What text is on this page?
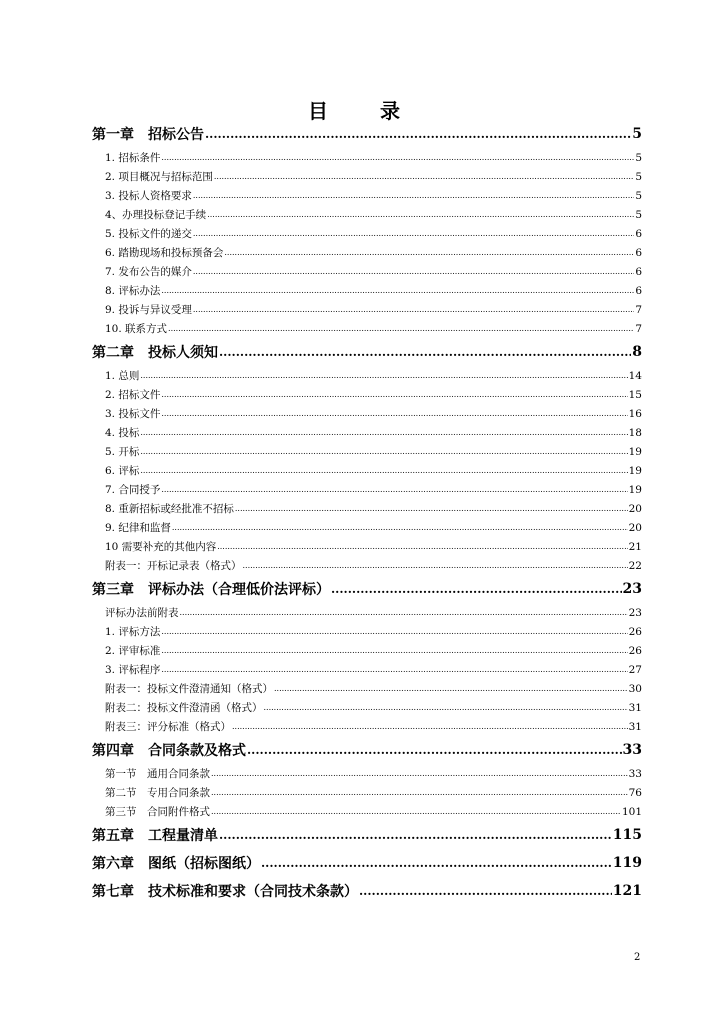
目　录
第一章　招标公告 .....	5
1. 招标条件 .....	5
2. 项目概况与招标范围 .....	5
3. 投标人资格要求 .....	5
4、办理投标登记手续 .....	5
5. 投标文件的递交 .....	6
6. 踏勘现场和投标预备会 .....	6
7. 发布公告的媒介 .....	6
8. 评标办法 .....	6
9. 投诉与异议受理 .....	7
10. 联系方式 .....	7
第二章　投标人须知 .....	8
1. 总则 .....	14
2. 招标文件 .....	15
3. 投标文件 .....	16
4. 投标 .....	18
5. 开标 .....	19
6. 评标 .....	19
7. 合同授予 .....	19
8. 重新招标或经批准不招标 .....	20
9. 纪律和监督 .....	20
10 需要补充的其他内容 .....	21
附表一：开标记录表（格式） .....	22
第三章　评标办法（合理低价法评标） .....	23
评标办法前附表 .....	23
1. 评标方法 .....	26
2. 评审标准 .....	26
3. 评标程序 .....	27
附表一：投标文件澄清通知（格式） .....	30
附表二：投标文件澄清函（格式） .....	31
附表三：评分标准（格式） .....	31
第四章　合同条款及格式 .....	33
第一节　通用合同条款 .....	33
第二节　专用合同条款 .....	76
第三节　合同附件格式 .....	101
第五章　工程量清单 .....	115
第六章　图纸（招标图纸） .....	119
第七章　技术标准和要求（合同技术条款） .....	121
2
